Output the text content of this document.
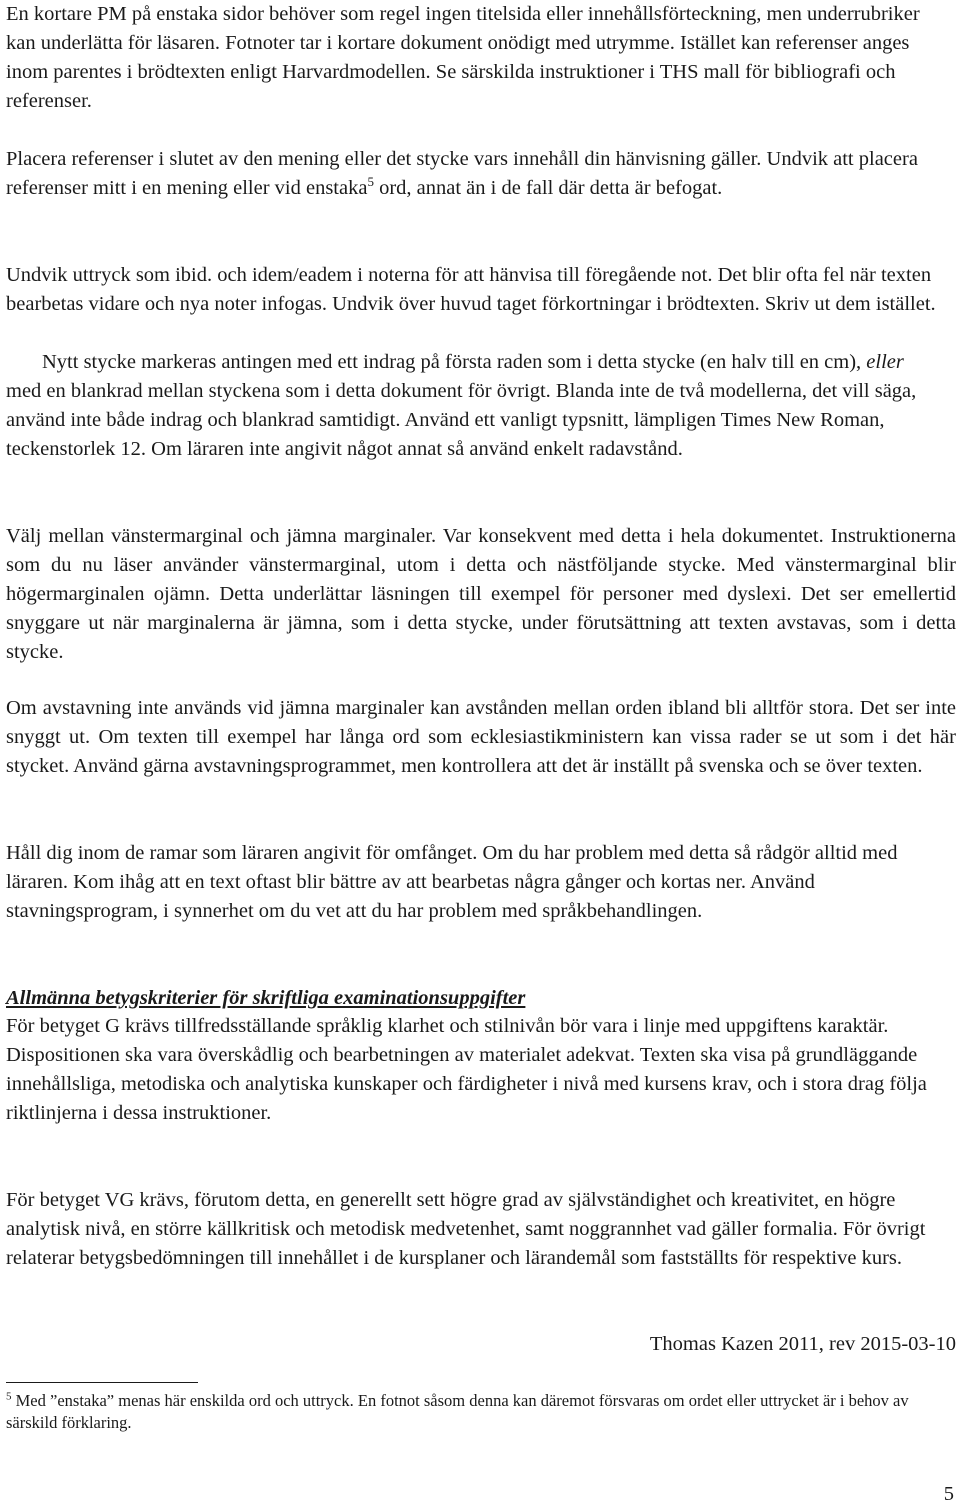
En kortare PM på enstaka sidor behöver som regel ingen titelsida eller innehållsförteckning, men underrubriker kan underlätta för läsaren. Fotnoter tar i kortare dokument onödigt med utrymme. Istället kan referenser anges inom parentes i brödtexten enligt Harvardmodellen. Se särskilda instruktioner i THS mall för bibliografi och referenser.

Placera referenser i slutet av den mening eller det stycke vars innehåll din hänvisning gäller. Undvik att placera referenser mitt i en mening eller vid enstaka$^5$ ord, annat än i de fall där detta är befogat.

Undvik uttryck som ibid. och idem/eadem i noterna för att hänvisa till föregående not. Det blir ofta fel när texten bearbetas vidare och nya noter infogas. Undvik över huvud taget förkortningar i brödtexten. Skriv ut dem istället.

Nytt stycke markeras antingen med ett indrag på första raden som i detta stycke (en halv till en cm), eller med en blankrad mellan styckena som i detta dokument för övrigt. Blanda inte de två modellerna, det vill säga, använd inte både indrag och blankrad samtidigt. Använd ett vanligt typsnitt, lämpligen Times New Roman, teckenstorlek 12. Om läraren inte angivit något annat så använd enkelt radavstånd.

Välj mellan vänstermarginal och jämna marginaler. Var konsekvent med detta i hela dokumentet. Instruktionerna som du nu läser använder vänstermarginal, utom i detta och nästföljande stycke. Med vänstermarginal blir högermarginalen ojämn. Detta underlättar läsningen till exempel för personer med dyslexi. Det ser emellertid snyggare ut när marginalerna är jämna, som i detta stycke, under förutsättning att texten avstavas, som i detta stycke.

Om avstavning inte används vid jämna marginaler kan avstånden mellan orden ibland bli alltför stora. Det ser inte snyggt ut. Om texten till exempel har långa ord som ecklesiastikministern kan vissa rader se ut som i det här stycket. Använd gärna avstavningsprogrammet, men kontrollera att det är inställt på svenska och se över texten.

Håll dig inom de ramar som läraren angivit för omfånget. Om du har problem med detta så rådgör alltid med läraren. Kom ihåg att en text oftast blir bättre av att bearbetas några gånger och kortas ner. Använd stavningsprogram, i synnerhet om du vet att du har problem med språkbehandlingen.

Allmänna betygskriterier för skriftliga examinationsuppgifter

För betyget G krävs tillfredsställande språklig klarhet och stilnivån bör vara i linje med uppgiftens karaktär. Dispositionen ska vara överskådlig och bearbetningen av materialet adekvat. Texten ska visa på grundläggande innehållsliga, metodiska och analytiska kunskaper och färdigheter i nivå med kursens krav, och i stora drag följa riktlinjerna i dessa instruktioner.

För betyget VG krävs, förutom detta, en generellt sett högre grad av självständighet och kreativitet, en högre analytisk nivå, en större källkritisk och metodisk medvetenhet, samt noggrannhet vad gäller formalia. För övrigt relaterar betygsbedömningen till innehållet i de kursplaner och lärandemål som fastställts för respektive kurs.

Thomas Kazen 2011, rev 2015-03-10
$^5$ Med ”enstaka” menas här enskilda ord och uttryck. En fotnot såsom denna kan däremot försvaras om ordet eller uttrycket är i behov av särskild förklaring.
5
